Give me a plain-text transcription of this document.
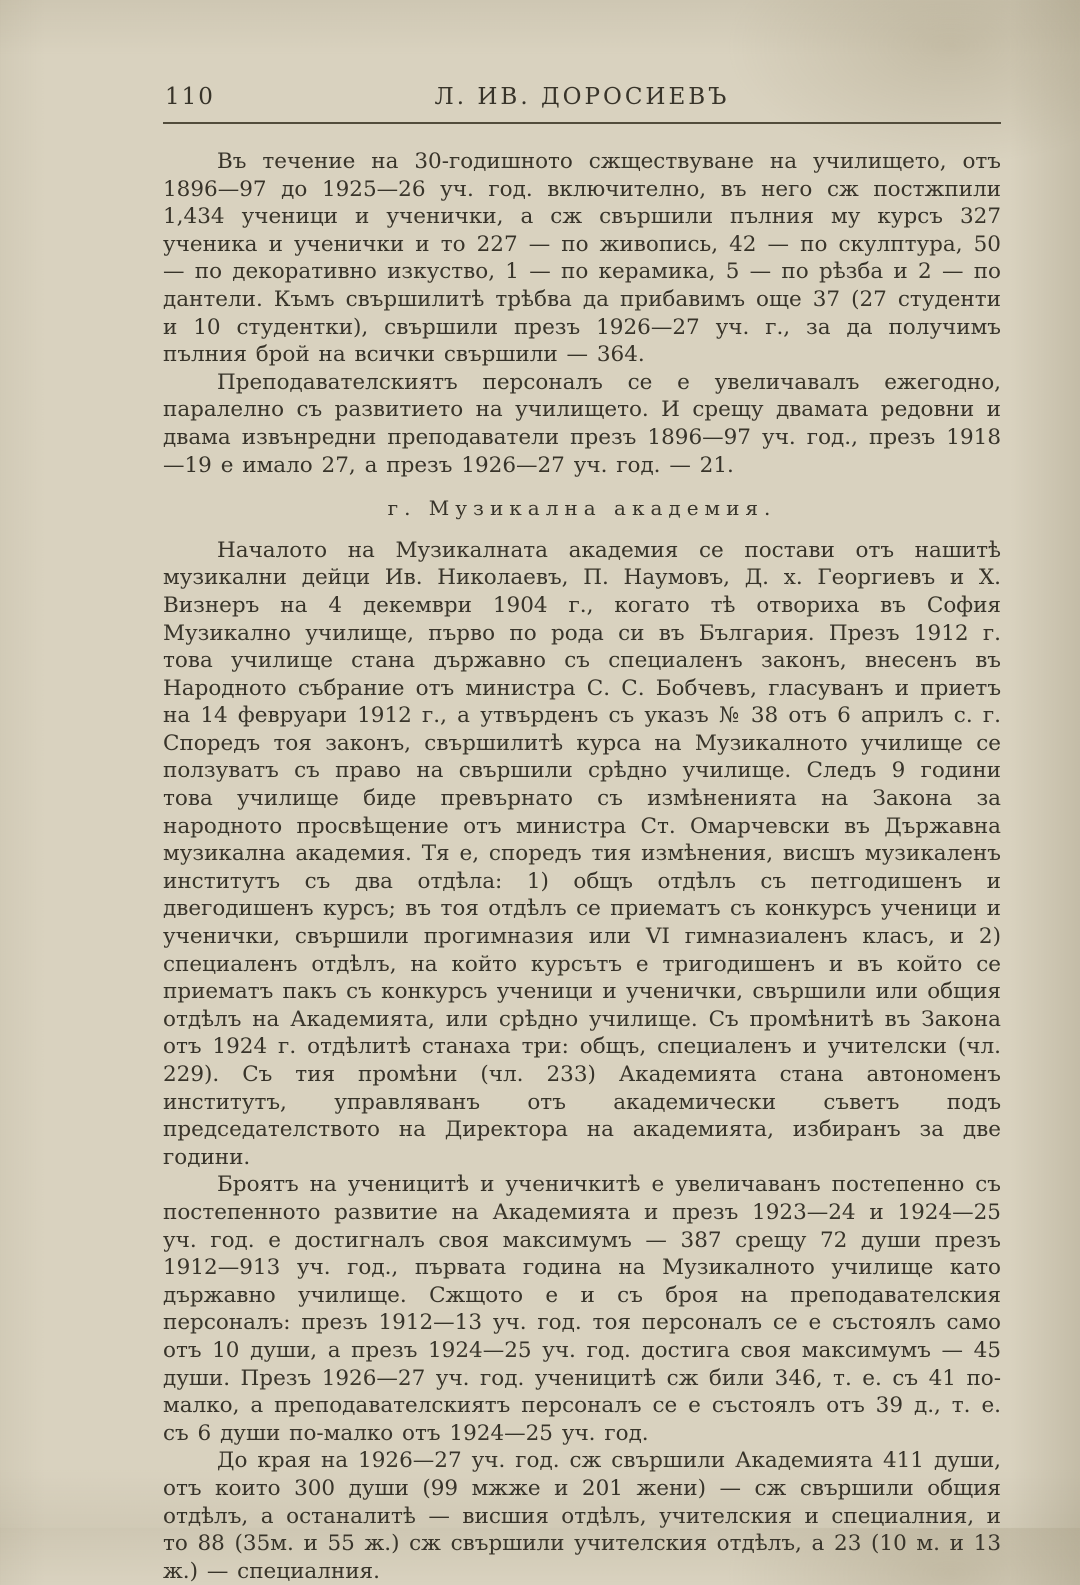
110	Л. ИВ. ДОРОСИЕВЪ

Въ течение на 30-годишното сжществуване на училището, отъ 1896—97 до 1925—26 уч. год. включително, въ него сж постжпили 1,434 ученици и ученички, а сж свършили пълния му курсъ 327 ученика и ученички и то 227 — по живопись, 42 — по скулптура, 50 — по декоративно изкуство, 1 — по керамика, 5 — по рѣзба и 2 — по дантели. Къмъ свършилитѣ трѣбва да прибавимъ още 37 (27 студенти и 10 студентки), свършили презъ 1926—27 уч. г., за да получимъ пълния брой на всички свършили — 364.

Преподавателскиятъ персоналъ се е увеличавалъ ежегодно, паралелно съ развитието на училището. И срещу двамата редовни и двама извънредни преподаватели презъ 1896—97 уч. год., презъ 1918—19 е имало 27, а презъ 1926—27 уч. год. — 21.

г. Музикална академия.

Началото на Музикалната академия се постави отъ нашитѣ музикални дейци Ив. Николаевъ, П. Наумовъ, Д. х. Георгиевъ и Х. Визнеръ на 4 декември 1904 г., когато тѣ отвориха въ София Музикално училище, първо по рода си въ България. Презъ 1912 г. това училище стана държавно съ специаленъ законъ, внесенъ въ Народното събрание отъ министра С. С. Бобчевъ, гласуванъ и приетъ на 14 февруари 1912 г., а утвърденъ съ указъ № 38 отъ 6 априлъ с. г. Споредъ тоя законъ, свършилитѣ курса на Музикалното училище се ползуватъ съ право на свършили срѣдно училище. Следъ 9 години това училище биде превърнато съ измѣненията на Закона за народното просвѣщение отъ министра Ст. Омарчевски въ Държавна музикална академия. Тя е, споредъ тия измѣнения, висшъ музикаленъ институтъ съ два отдѣла: 1) общъ отдѣлъ съ петгодишенъ и двегодишенъ курсъ; въ тоя отдѣлъ се приематъ съ конкурсъ ученици и ученички, свършили прогимназия или VI гимназиаленъ класъ, и 2) специаленъ отдѣлъ, на който курсътъ е тригодишенъ и въ който се приематъ пакъ съ конкурсъ ученици и ученички, свършили или общия отдѣлъ на Академията, или срѣдно училище. Съ промѣнитѣ въ Закона отъ 1924 г. отдѣлитѣ станаха три: общъ, специаленъ и учителски (чл. 229). Съ тия промѣни (чл. 233) Академията стана автономенъ институтъ, управляванъ отъ академически съветъ подъ председателството на Директора на академията, избиранъ за две години.

Броятъ на ученицитѣ и ученичкитѣ е увеличаванъ постепенно съ постепенното развитие на Академията и презъ 1923—24 и 1924—25 уч. год. е достигналъ своя максимумъ — 387 срещу 72 души презъ 1912—913 уч. год., първата година на Музикалното училище като държавно училище. Сжщото е и съ броя на преподавателския персоналъ: презъ 1912—13 уч. год. тоя персоналъ се е състоялъ само отъ 10 души, а презъ 1924—25 уч. год. достига своя максимумъ — 45 души. Презъ 1926—27 уч. год. ученицитѣ сж били 346, т. е. съ 41 по-малко, а преподавателскиятъ персоналъ се е състоялъ отъ 39 д., т. е. съ 6 души по-малко отъ 1924—25 уч. год.

До края на 1926—27 уч. год. сж свършили Академията 411 души, отъ които 300 души (99 мжже и 201 жени) — сж свършили общия отдѣлъ, а останалитѣ — висшия отдѣлъ, учителския и специалния, и то 88 (35м. и 55 ж.) сж свършили учителския отдѣлъ, а 23 (10 м. и 13 ж.) — специалния.
